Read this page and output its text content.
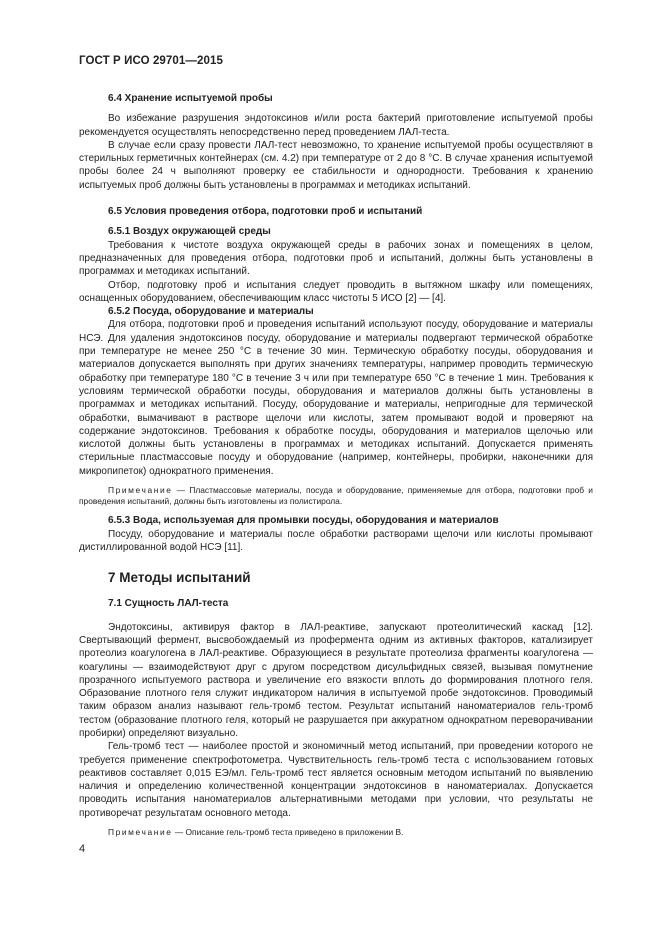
ГОСТ Р ИСО 29701—2015
6.4 Хранение испытуемой пробы

Во избежание разрушения эндотоксинов и/или роста бактерий приготовление испытуемой пробы рекомендуется осуществлять непосредственно перед проведением ЛАЛ-теста.

В случае если сразу провести ЛАЛ-тест невозможно, то хранение испытуемой пробы осуществляют в стерильных герметичных контейнерах (см. 4.2) при температуре от 2 до 8 °С. В случае хранения испытуемой пробы более 24 ч выполняют проверку ее стабильности и однородности. Требования к хранению испытуемых проб должны быть установлены в программах и методиках испытаний.

6.5 Условия проведения отбора, подготовки проб и испытаний
6.5.1 Воздух окружающей среды

Требования к чистоте воздуха окружающей среды в рабочих зонах и помещениях в целом, предназначенных для проведения отбора, подготовки проб и испытаний, должны быть установлены в программах и методиках испытаний.

Отбор, подготовку проб и испытания следует проводить в вытяжном шкафу или помещениях, оснащенных оборудованием, обеспечивающим класс чистоты 5 ИСО [2] — [4].

6.5.2 Посуда, оборудование и материалы

Для отбора, подготовки проб и проведения испытаний используют посуду, оборудование и материалы НСЭ. Для удаления эндотоксинов посуду, оборудование и материалы подвергают термической обработке при температуре не менее 250 °С в течение 30 мин. Термическую обработку посуды, оборудования и материалов допускается выполнять при других значениях температуры, например проводить термическую обработку при температуре 180 °С в течение 3 ч или при температуре 650 °С в течение 1 мин. Требования к условиям термической обработки посуды, оборудования и материалов должны быть установлены в программах и методиках испытаний. Посуду, оборудование и материалы, непригодные для термической обработки, вымачивают в растворе щелочи или кислоты, затем промывают водой и проверяют на содержание эндотоксинов. Требования к обработке посуды, оборудования и материалов щелочью или кислотой должны быть установлены в программах и методиках испытаний. Допускается применять стерильные пластмассовые посуду и оборудование (например, контейнеры, пробирки, наконечники для микропипеток) однократного применения.

Примечание — Пластмассовые материалы, посуда и оборудование, применяемые для отбора, подготовки проб и проведения испытаний, должны быть изготовлены из полистирола.

6.5.3 Вода, используемая для промывки посуды, оборудования и материалов

Посуду, оборудование и материалы после обработки растворами щелочи или кислоты промывают дистиллированной водой НСЭ [11].

7 Методы испытаний
7.1 Сущность ЛАЛ-теста

Эндотоксины, активируя фактор в ЛАЛ-реактиве, запускают протеолитический каскад [12]. Свертывающий фермент, высвобождаемый из профермента одним из активных факторов, катализирует протеолиз коагулогена в ЛАЛ-реактиве. Образующиеся в результате протеолиза фрагменты коагулогена — коагулины — взаимодействуют друг с другом посредством дисульфидных связей, вызывая помутнение прозрачного испытуемого раствора и увеличение его вязкости вплоть до формирования плотного геля. Образование плотного геля служит индикатором наличия в испытуемой пробе эндотоксинов. Проводимый таким образом анализ называют гель-тромб тестом. Результат испытаний наноматериалов гель-тромб тестом (образование плотного геля, который не разрушается при аккуратном однократном переворачивании пробирки) определяют визуально.

Гель-тромб тест — наиболее простой и экономичный метод испытаний, при проведении которого не требуется применение спектрофотометра. Чувствительность гель-тромб теста с использованием готовых реактивов составляет 0,015 ЕЭ/мл. Гель-тромб тест является основным методом испытаний по выявлению наличия и определению количественной концентрации эндотоксинов в наноматериалах. Допускается проводить испытания наноматериалов альтернативными методами при условии, что результаты не противоречат результатам основного метода.

Примечание — Описание гель-тромб теста приведено в приложении В.

4
